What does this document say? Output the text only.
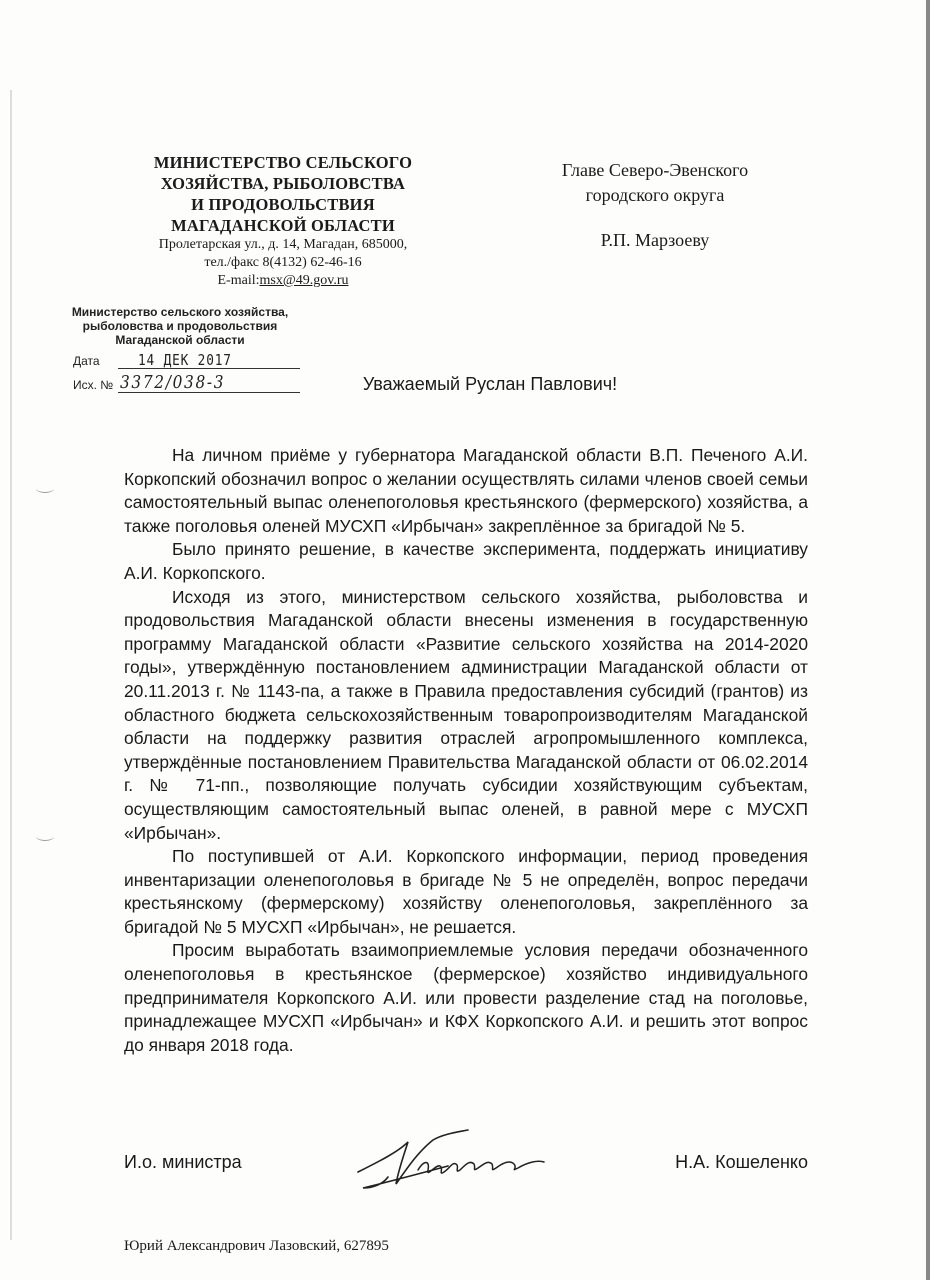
МИНИСТЕРСТВО СЕЛЬСКОГО
ХОЗЯЙСТВА, РЫБОЛОВСТВА
И ПРОДОВОЛЬСТВИЯ
МАГАДАНСКОЙ ОБЛАСТИ
Пролетарская ул., д. 14, Магадан, 685000,
тел./факс 8(4132) 62-46-16
E-mail:msx@49.gov.ru
Главе Северо-Эвенского
городского округа
Р.П. Марзоеву
Министерство сельского хозяйства,
рыболовства и продовольствия
Магаданской области
Дата	14 ДЕК 2017
Исх. № 3372/038-3	Уважаемый Руслан Павлович!

На личном приёме у губернатора Магаданской области В.П. Печеного А.И. Коркопский обозначил вопрос о желании осуществлять силами членов своей семьи самостоятельный выпас оленепоголовья крестьянского (фермерского) хозяйства, а также поголовья оленей МУСХП «Ирбычан» закреплённое за бригадой № 5.

Было принято решение, в качестве эксперимента, поддержать инициативу А.И. Коркопского.

Исходя из этого, министерством сельского хозяйства, рыболовства и продовольствия Магаданской области внесены изменения в государственную программу Магаданской области «Развитие сельского хозяйства на 2014-2020 годы», утверждённую постановлением администрации Магаданской области от 20.11.2013 г. № 1143-па, а также в Правила предоставления субсидий (грантов) из областного бюджета сельскохозяйственным товаропроизводителям Магаданской области на поддержку развития отраслей агропромышленного комплекса, утверждённые постановлением Правительства Магаданской области от 06.02.2014 г. № 71-пп., позволяющие получать субсидии хозяйствующим субъектам, осуществляющим самостоятельный выпас оленей, в равной мере с МУСХП «Ирбычан».

По поступившей от А.И. Коркопского информации, период проведения инвентаризации оленепоголовья в бригаде № 5 не определён, вопрос передачи крестьянскому (фермерскому) хозяйству оленепоголовья, закреплённого за бригадой № 5 МУСХП «Ирбычан», не решается.

Просим выработать взаимоприемлемые условия передачи обозначенного оленепоголовья в крестьянское (фермерское) хозяйство индивидуального предпринимателя Коркопского А.И. или провести разделение стад на поголовье, принадлежащее МУСХП «Ирбычан» и КФХ Коркопского А.И. и решить этот вопрос до января 2018 года.

И.о. министра	Н.А. Кошеленко
Юрий Александрович Лазовский, 627895
